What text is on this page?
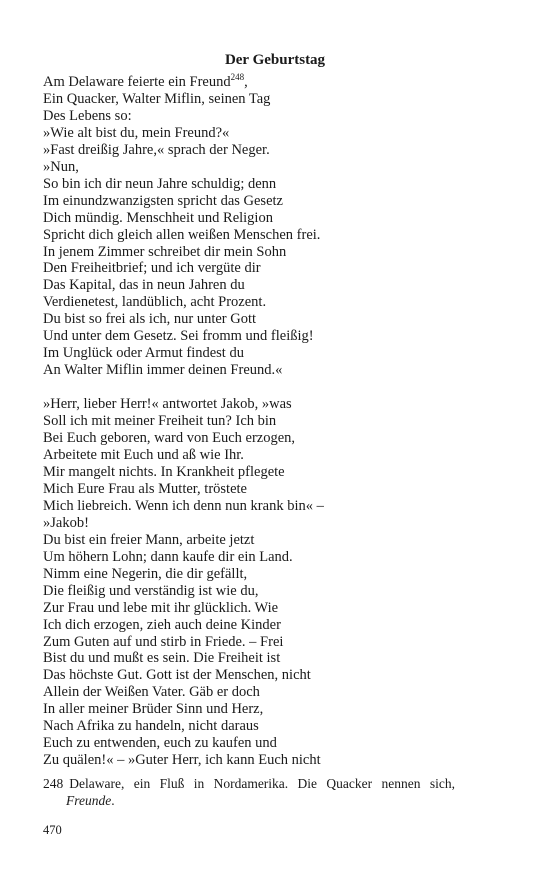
Der Geburtstag
Am Delaware feierte ein Freund$^{248}$,
Ein Quacker, Walter Miflin, seinen Tag
Des Lebens so:
»Wie alt bist du, mein Freund?«
»Fast dreißig Jahre,« sprach der Neger.
»Nun,
So bin ich dir neun Jahre schuldig; denn
Im einundzwanzigsten spricht das Gesetz
Dich mündig. Menschheit und Religion
Spricht dich gleich allen weißen Menschen frei.
In jenem Zimmer schreibet dir mein Sohn
Den Freiheitbrief; und ich vergüte dir
Das Kapital, das in neun Jahren du
Verdienetest, landüblich, acht Prozent.
Du bist so frei als ich, nur unter Gott
Und unter dem Gesetz. Sei fromm und fleißig!
Im Unglück oder Armut findest du
An Walter Miflin immer deinen Freund.«
»Herr, lieber Herr!« antwortet Jakob, »was
Soll ich mit meiner Freiheit tun? Ich bin
Bei Euch geboren, ward von Euch erzogen,
Arbeitete mit Euch und aß wie Ihr.
Mir mangelt nichts. In Krankheit pflegete
Mich Eure Frau als Mutter, tröstete
Mich liebreich. Wenn ich denn nun krank bin« –
»Jakob!
Du bist ein freier Mann, arbeite jetzt
Um höhern Lohn; dann kaufe dir ein Land.
Nimm eine Negerin, die dir gefällt,
Die fleißig und verständig ist wie du,
Zur Frau und lebe mit ihr glücklich. Wie
Ich dich erzogen, zieh auch deine Kinder
Zum Guten auf und stirb in Friede. – Frei
Bist du und mußt es sein. Die Freiheit ist
Das höchste Gut. Gott ist der Menschen, nicht
Allein der Weißen Vater. Gäb er doch
In aller meiner Brüder Sinn und Herz,
Nach Afrika zu handeln, nicht daraus
Euch zu entwenden, euch zu kaufen und
Zu quälen!« – »Guter Herr, ich kann Euch nicht
248 Delaware, ein Fluß in Nordamerika. Die Quacker nennen sich,
Freunde.
470
